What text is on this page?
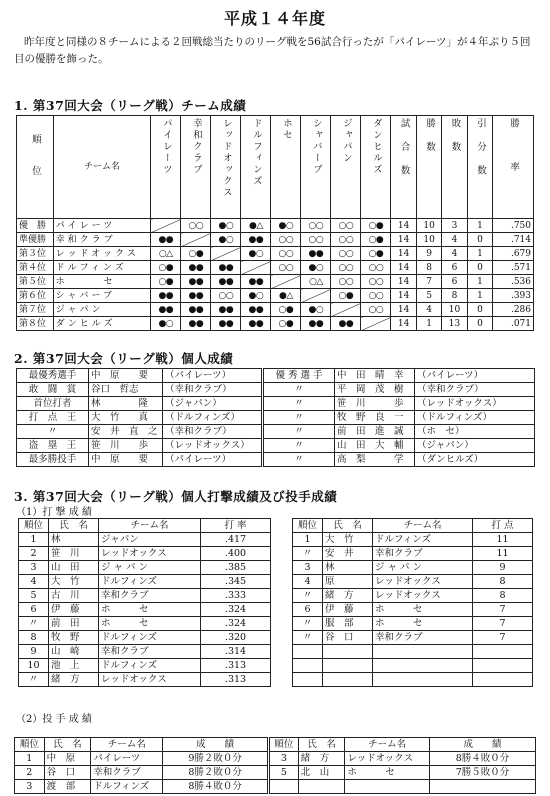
平成１４年度
昨年度と同様の８チームによる２回戦総当たりのリーグ戦を56試合行ったが「パイレーツ」が４年ぶり５回目の優勝を飾った。
1. 第37回大会（リーグ戦）チーム成績
順位	チーム名	パイレーツ	幸和クラブ	レッドオックス	ドルフィンズ	ホセ	シャバーブ	ジャパン	ダンヒルズ	試合数	勝数	敗数	引分数	勝率
優　勝	パイレーツ		○○	●○	●△	●○	○○	○○	○●	14	10	3	1	.750
準優勝	幸和クラブ	●●		●○	●●	○○	○○	○○	○●	14	10	4	0	.714
第３位	レッドオックス	○△	○●		●○	○○	●●	○○	○●	14	9	4	1	.679
第４位	ドルフィンズ	○●	●●	●●		○○	●○	○○	○○	14	8	6	0	.571
第５位	ホ　　　セ	○●	●●	●●	●●		○△	○○	○○	14	7	6	1	.536
第６位	シャバーブ	●●	●●	○○	●○	●△		○●	○○	14	5	8	1	.393
第７位	ジャパン	●●	●●	●●	●●	○●	●○		○○	14	4	10	0	.286
第８位	ダンヒルズ	●○	●●	●●	●●	○●	●●	●●		14	1	13	0	.071
2. 第37回大会（リーグ戦）個人成績
最優秀選手	中　原　　要	（パイレーツ）	優 秀 選 手	中　田　晴　幸	（パイレーツ）
敢　闘　賞	谷口　哲志	（幸和クラブ）	〃	平　岡　茂　樹	（幸和クラブ）
首位打者	林　　　　隆	（ジャパン）	〃	笹　川　　　歩	（レッドオックス）
打　点　王	大　竹　　真	（ドルフィンズ）	〃	牧　野　良　一	（ドルフィンズ）
〃	安　井　直　之	（幸和クラブ）	〃	前　田　進　誠	（ホ　セ）
盗　塁　王	笹　川　　歩	（レッドオックス）	〃	山　田　大　輔	（ジャパン）
最多勝投手	中　原　　要	（パイレーツ）	〃	高　梨　　　学	（ダンヒルズ）
3. 第37回大会（リーグ戦）個人打撃成績及び投手成績
（1）打 撃 成 績
順位	氏　名	チーム名	打 率
1	林	ジャパン	.417
2	笹　川	レッドオックス	.400
3	山　田	ジ ャ パ ン	.385
4	大　竹	ドルフィンズ	.345
5	古　川	幸和クラブ	.333
6	伊　藤	ホ　　　セ	.324
〃	前　田	ホ　　　セ	.324
8	牧　野	ドルフィンズ	.320
9	山　崎	幸和クラブ	.314
10	池　上	ドルフィンズ	.313
〃	緒　方	レッドオックス	.313
順位	氏　名	チーム名	打 点
1	大　竹	ドルフィンズ	11
〃	安　井	幸和クラブ	11
3	林	ジ ャ パ ン	9
4	原	レッドオックス	8
〃	緒　方	レッドオックス	8
6	伊　藤	ホ　　　セ	7
〃	服　部	ホ　　　セ	7
〃	谷　口	幸和クラブ	7

（2）投 手 成 績
順位	氏　名	チーム名	成　　績	順位	氏　名	チーム名	成　　績
1	中　原	パイレーツ	9勝２敗０分	3	緒　方	レッドオックス	8勝４敗０分
2	谷　口	幸和クラブ	8勝２敗０分	5	北　山	ホ　　　セ	7勝５敗０分
3	渡　部	ドルフィンズ	8勝４敗０分				
